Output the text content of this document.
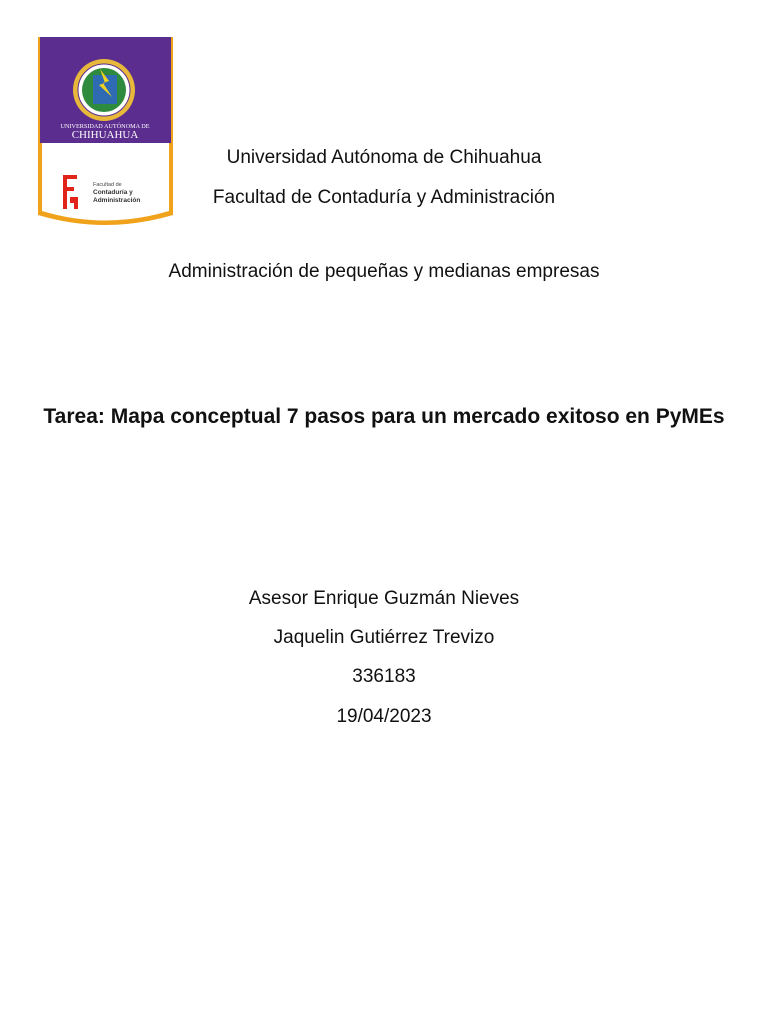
UNIVERSIDAD AUTÓNOMA DE
CHIHUAHUA
Facultad de
Contaduría y
Administración

Universidad Autónoma de Chihuahua

Facultad de Contaduría y Administración

Administración de pequeñas y medianas empresas

Tarea: Mapa conceptual 7 pasos para un mercado exitoso en PyMEs

Asesor Enrique Guzmán Nieves

Jaquelin Gutiérrez Trevizo

336183

19/04/2023
